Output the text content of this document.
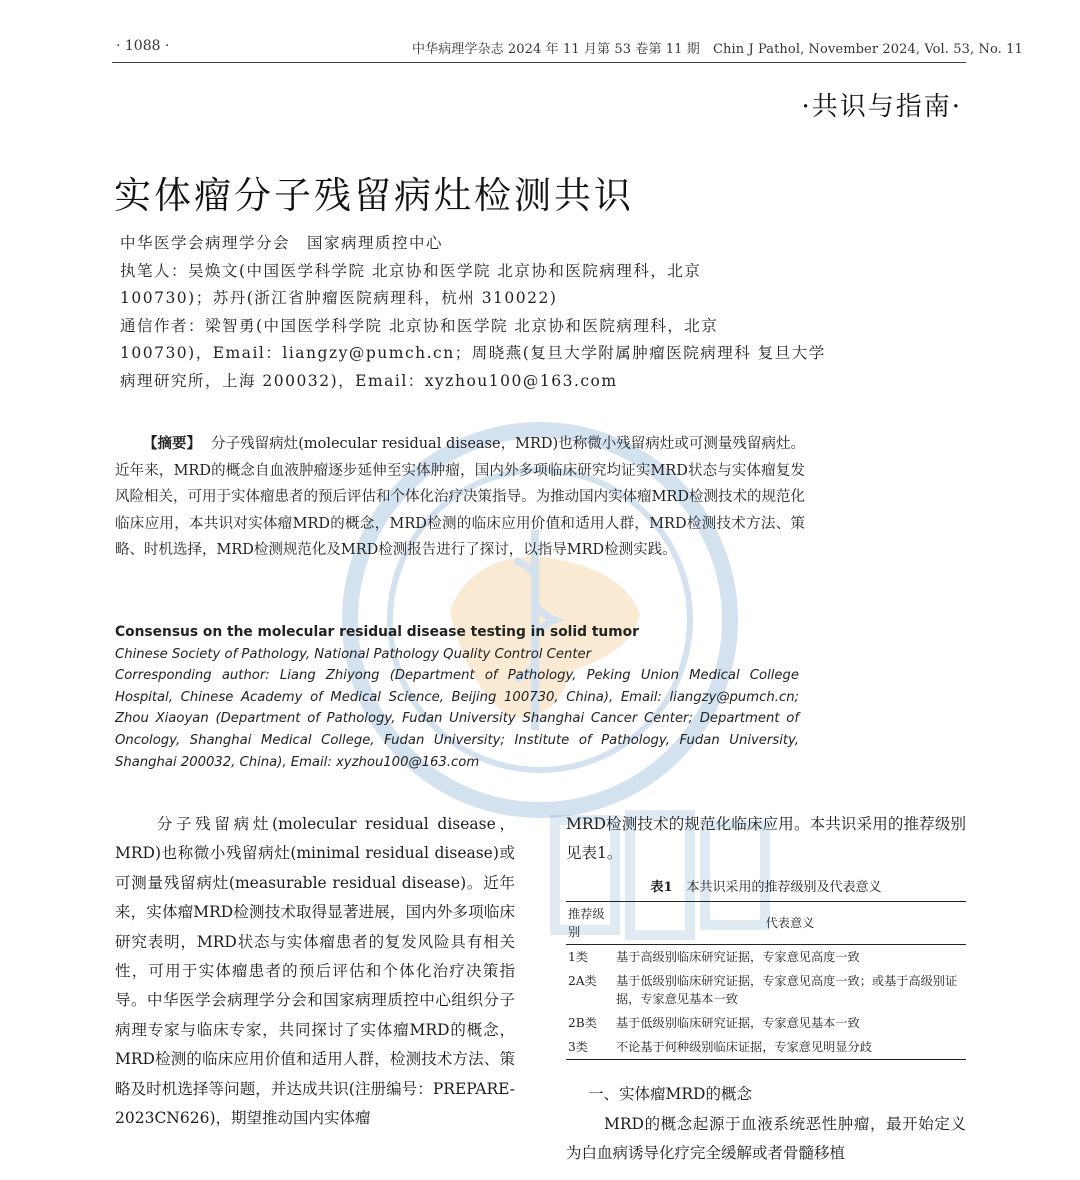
· 1088 ·	中华病理学杂志 2024 年 11 月第 53 卷第 11 期　Chin J Pathol, November 2024, Vol. 53, No. 11
·共识与指南·
实体瘤分子残留病灶检测共识

中华医学会病理学分会　国家病理质控中心

执笔人：吴焕文(中国医学科学院 北京协和医学院 北京协和医院病理科，北京

100730)；苏丹(浙江省肿瘤医院病理科，杭州 310022)

通信作者：梁智勇(中国医学科学院 北京协和医学院 北京协和医院病理科，北京

100730)，Email：liangzy@pumch.cn；周晓燕(复旦大学附属肿瘤医院病理科 复旦大学

病理研究所，上海 200032)，Email：xyzhou100@163.com

【摘要】 分子残留病灶(molecular residual disease，MRD)也称微小残留病灶或可测量残留病灶。近年来，MRD的概念自血液肿瘤逐步延伸至实体肿瘤，国内外多项临床研究均证实MRD状态与实体瘤复发风险相关，可用于实体瘤患者的预后评估和个体化治疗决策指导。为推动国内实体瘤MRD检测技术的规范化临床应用，本共识对实体瘤MRD的概念，MRD检测的临床应用价值和适用人群，MRD检测技术方法、策略、时机选择，MRD检测规范化及MRD检测报告进行了探讨，以指导MRD检测实践。
Consensus on the molecular residual disease testing in solid tumor
Chinese Society of Pathology, National Pathology Quality Control Center
Corresponding author: Liang Zhiyong (Department of Pathology, Peking Union Medical College Hospital, Chinese Academy of Medical Science, Beijing 100730, China), Email: liangzy@pumch.cn; Zhou Xiaoyan (Department of Pathology, Fudan University Shanghai Cancer Center; Department of Oncology, Shanghai Medical College, Fudan University; Institute of Pathology, Fudan University, Shanghai 200032, China), Email: xyzhou100@163.com
分子残留病灶(molecular residual disease，MRD)也称微小残留病灶(minimal residual disease)或可测量残留病灶(measurable residual disease)。近年来，实体瘤MRD检测技术取得显著进展，国内外多项临床研究表明，MRD状态与实体瘤患者的复发风险具有相关性，可用于实体瘤患者的预后评估和个体化治疗决策指导。中华医学会病理学分会和国家病理质控中心组织分子病理专家与临床专家，共同探讨了实体瘤MRD的概念，MRD检测的临床应用价值和适用人群，检测技术方法、策略及时机选择等问题，并达成共识(注册编号：PREPARE-2023CN626)，期望推动国内实体瘤
MRD检测技术的规范化临床应用。本共识采用的推荐级别见表1。
表1 本共识采用的推荐级别及代表意义
推荐级别	代表意义
1类	基于高级别临床研究证据，专家意见高度一致
2A类	基于低级别临床研究证据，专家意见高度一致；或基于高级别证据，专家意见基本一致
2B类	基于低级别临床研究证据，专家意见基本一致
3类	不论基于何种级别临床证据，专家意见明显分歧
一、实体瘤MRD的概念
MRD的概念起源于血液系统恶性肿瘤，最开始定义为白血病诱导化疗完全缓解或者骨髓移植
